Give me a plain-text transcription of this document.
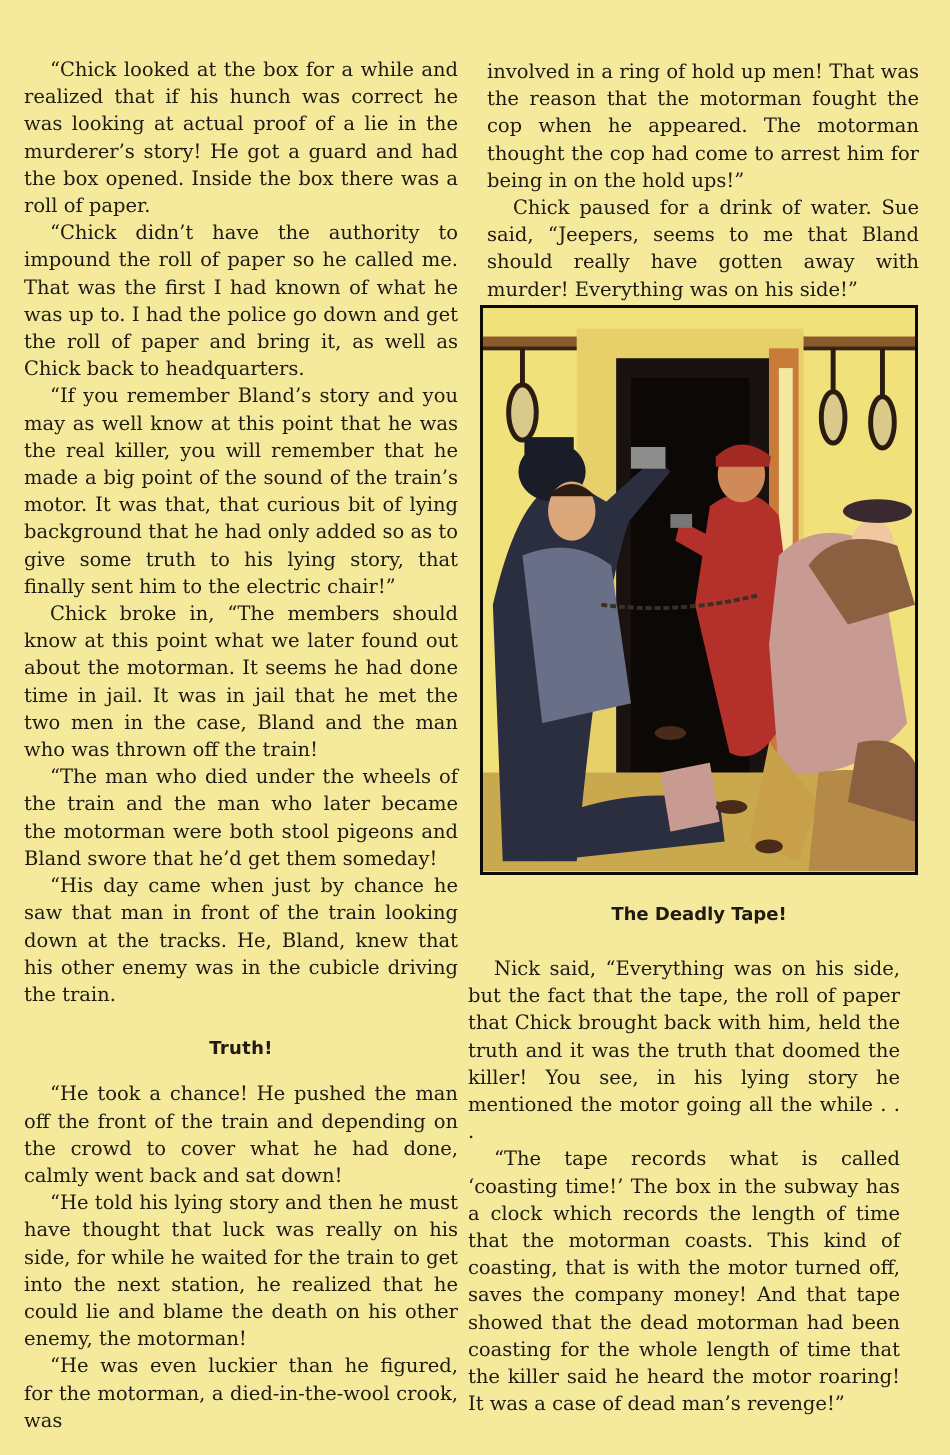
“Chick looked at the box for a while and realized that if his hunch was correct he was looking at actual proof of a lie in the murderer’s story! He got a guard and had the box opened. Inside the box there was a roll of paper.

“Chick didn’t have the authority to impound the roll of paper so he called me. That was the first I had known of what he was up to. I had the police go down and get the roll of paper and bring it, as well as Chick back to headquarters.

“If you remember Bland’s story and you may as well know at this point that he was the real killer, you will remember that he made a big point of the sound of the train’s motor. It was that, that curious bit of lying background that he had only added so as to give some truth to his lying story, that finally sent him to the electric chair!”

Chick broke in, “The members should know at this point what we later found out about the motorman. It seems he had done time in jail. It was in jail that he met the two men in the case, Bland and the man who was thrown off the train!

“The man who died under the wheels of the train and the man who later became the motorman were both stool pigeons and Bland swore that he’d get them someday!

“His day came when just by chance he saw that man in front of the train looking down at the tracks. He, Bland, knew that his other enemy was in the cubicle driving the train.

Truth!

“He took a chance! He pushed the man off the front of the train and depending on the crowd to cover what he had done, calmly went back and sat down!

“He told his lying story and then he must have thought that luck was really on his side, for while he waited for the train to get into the next station, he realized that he could lie and blame the death on his other enemy, the motorman!

“He was even luckier than he figured, for the motorman, a died-in-the-wool crook, was

involved in a ring of hold up men! That was the reason that the motorman fought the cop when he appeared. The motorman thought the cop had come to arrest him for being in on the hold ups!”

Chick paused for a drink of water. Sue said, “Jeepers, seems to me that Bland should really have gotten away with murder! Everything was on his side!”

The Deadly Tape!

Nick said, “Everything was on his side, but the fact that the tape, the roll of paper that Chick brought back with him, held the truth and it was the truth that doomed the killer! You see, in his lying story he mentioned the motor going all the while . . .

“The tape records what is called ‘coasting time!’ The box in the subway has a clock which records the length of time that the motorman coasts. This kind of coasting, that is with the motor turned off, saves the company money! And that tape showed that the dead motorman had been coasting for the whole length of time that the killer said he heard the motor roaring! It was a case of dead man’s revenge!”
